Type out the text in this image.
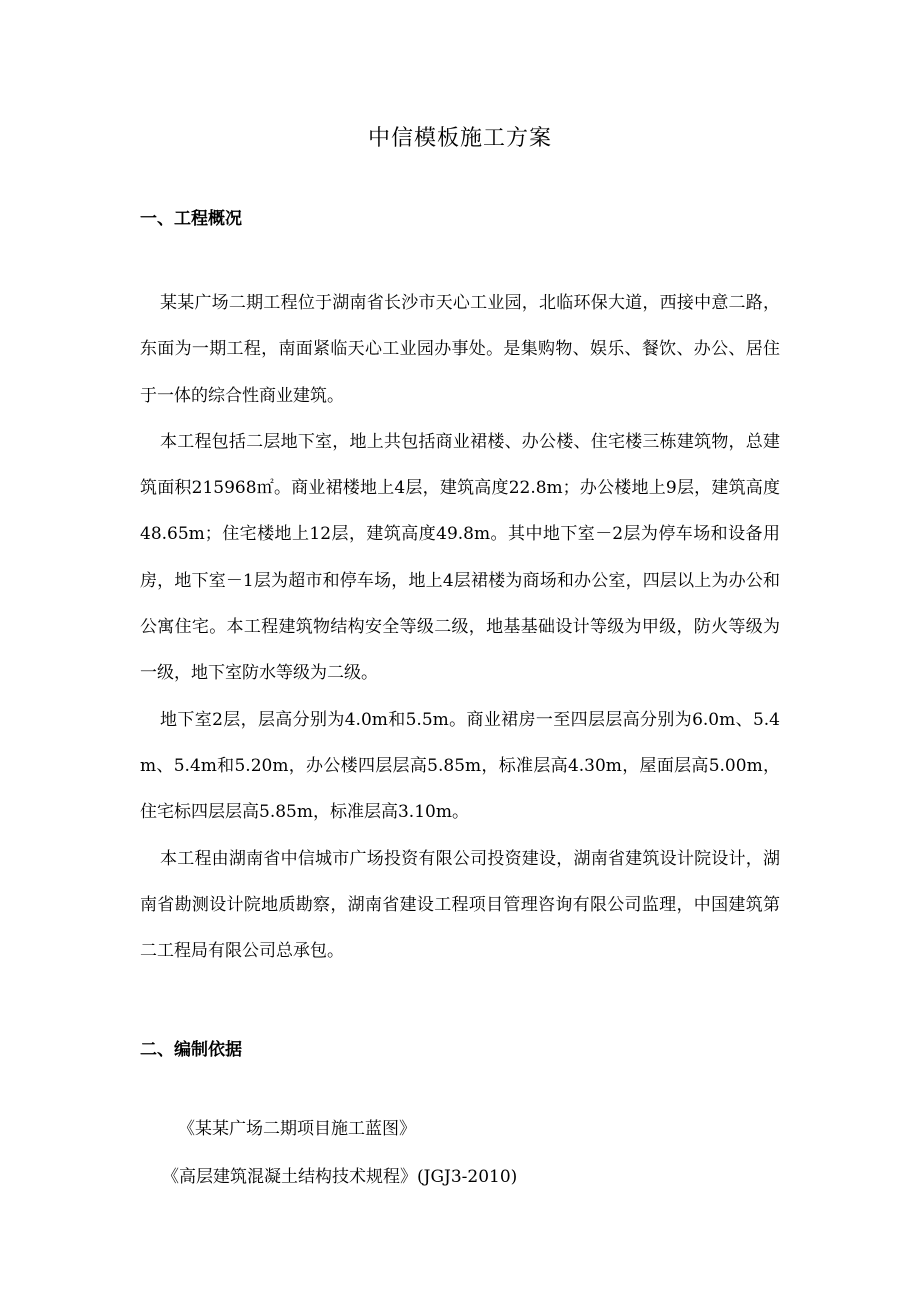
中信模板施工方案
一、工程概况

某某广场二期工程位于湖南省长沙市天心工业园，北临环保大道，西接中意二路，东面为一期工程，南面紧临天心工业园办事处。是集购物、娱乐、餐饮、办公、居住于一体的综合性商业建筑。

本工程包括二层地下室，地上共包括商业裙楼、办公楼、住宅楼三栋建筑物，总建筑面积215968㎡。商业裙楼地上4层，建筑高度22.8m；办公楼地上9层，建筑高度48.65m；住宅楼地上12层，建筑高度49.8m。其中地下室－2层为停车场和设备用房，地下室－1层为超市和停车场，地上4层裙楼为商场和办公室，四层以上为办公和公寓住宅。本工程建筑物结构安全等级二级，地基基础设计等级为甲级，防火等级为一级，地下室防水等级为二级。

地下室2层，层高分别为4.0m和5.5m。商业裙房一至四层层高分别为6.0m、5.4m、5.4m和5.20m，办公楼四层层高5.85m，标准层高4.30m，屋面层高5.00m，住宅标四层层高5.85m，标准层高3.10m。

本工程由湖南省中信城市广场投资有限公司投资建设，湖南省建筑设计院设计，湖南省勘测设计院地质勘察，湖南省建设工程项目管理咨询有限公司监理，中国建筑第二工程局有限公司总承包。

二、编制依据
《某某广场二期项目施工蓝图》
《高层建筑混凝土结构技术规程》(JGJ3-2010)
